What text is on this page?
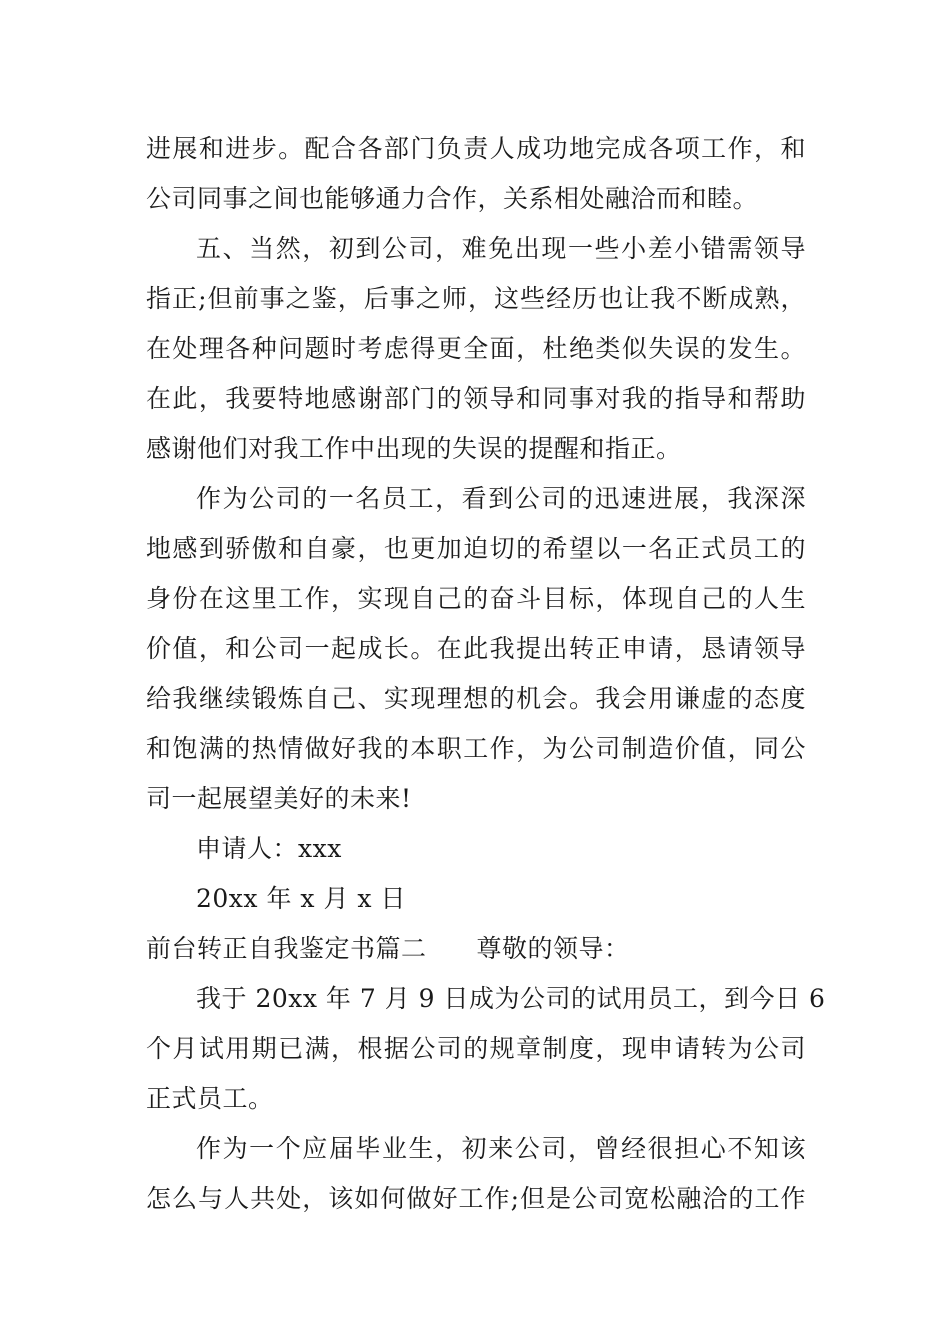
进展和进步。配合各部门负责人成功地完成各项工作，和
公司同事之间也能够通力合作，关系相处融洽而和睦。
五、当然，初到公司，难免出现一些小差小错需领导
指正;但前事之鉴，后事之师，这些经历也让我不断成熟，
在处理各种问题时考虑得更全面，杜绝类似失误的发生。
在此，我要特地感谢部门的领导和同事对我的指导和帮助
感谢他们对我工作中出现的失误的提醒和指正。
作为公司的一名员工，看到公司的迅速进展，我深深
地感到骄傲和自豪，也更加迫切的希望以一名正式员工的
身份在这里工作，实现自己的奋斗目标，体现自己的人生
价值，和公司一起成长。在此我提出转正申请，恳请领导
给我继续锻炼自己、实现理想的机会。我会用谦虚的态度
和饱满的热情做好我的本职工作，为公司制造价值，同公
司一起展望美好的未来!
申请人：xxx
20xx 年 x 月 x 日
前台转正自我鉴定书篇二 尊敬的领导：
我于 20xx 年 7 月 9 日成为公司的试用员工，到今日 6
个月试用期已满，根据公司的规章制度，现申请转为公司
正式员工。
作为一个应届毕业生，初来公司，曾经很担心不知该
怎么与人共处，该如何做好工作;但是公司宽松融洽的工作
